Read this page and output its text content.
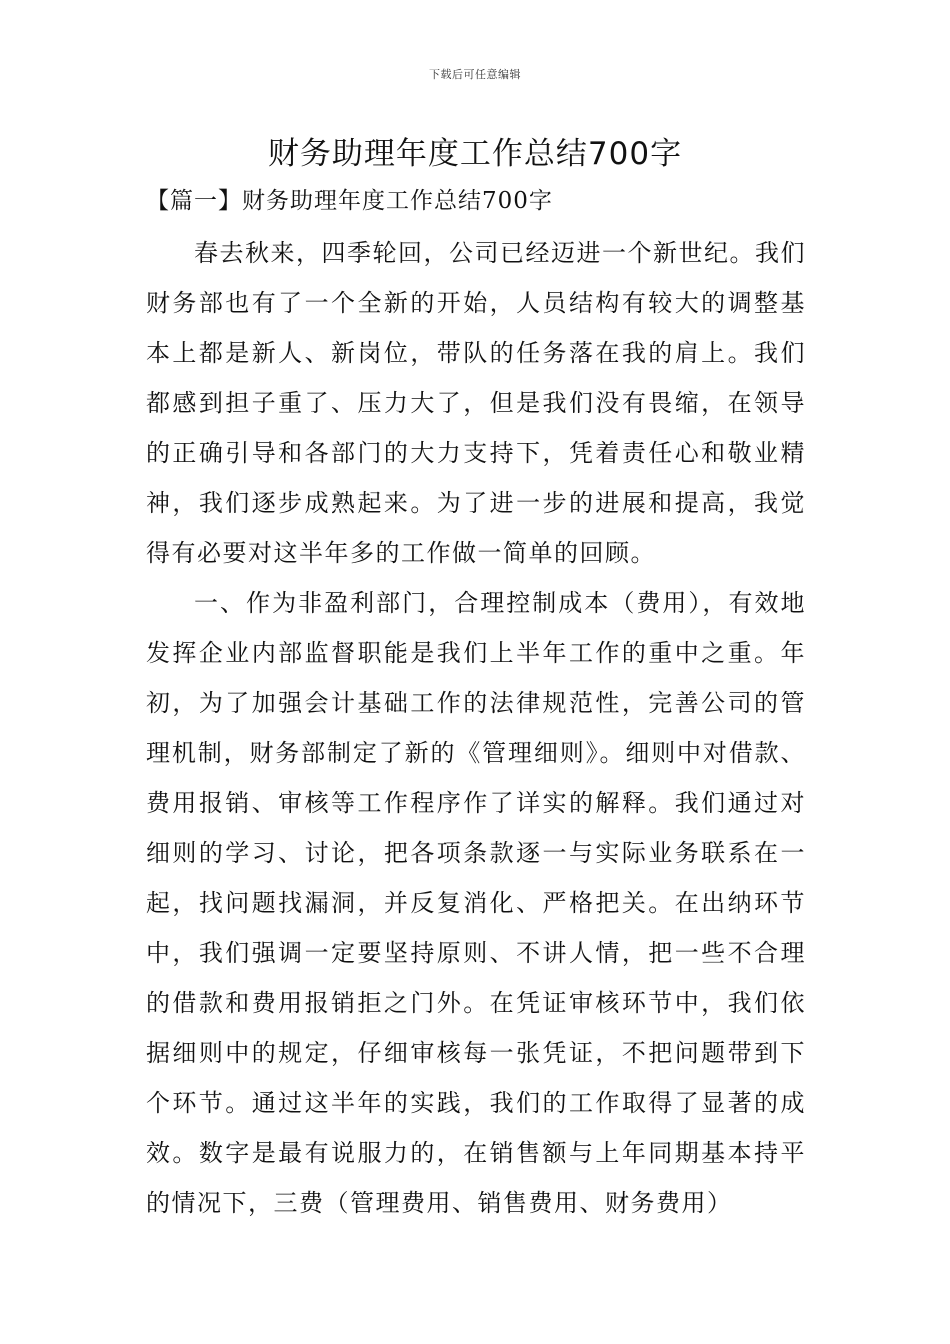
下载后可任意编辑
财务助理年度工作总结700字
【篇一】财务助理年度工作总结700字

春去秋来，四季轮回，公司已经迈进一个新世纪。我们财务部也有了一个全新的开始，人员结构有较大的调整基本上都是新人、新岗位，带队的任务落在我的肩上。我们都感到担子重了、压力大了，但是我们没有畏缩，在领导的正确引导和各部门的大力支持下，凭着责任心和敬业精神，我们逐步成熟起来。为了进一步的进展和提高，我觉得有必要对这半年多的工作做一简单的回顾。

一、作为非盈利部门，合理控制成本（费用），有效地发挥企业内部监督职能是我们上半年工作的重中之重。年初，为了加强会计基础工作的法律规范性，完善公司的管理机制，财务部制定了新的《管理细则》。细则中对借款、费用报销、审核等工作程序作了详实的解释。我们通过对细则的学习、讨论，把各项条款逐一与实际业务联系在一起，找问题找漏洞，并反复消化、严格把关。在出纳环节中，我们强调一定要坚持原则、不讲人情，把一些不合理的借款和费用报销拒之门外。在凭证审核环节中，我们依据细则中的规定，仔细审核每一张凭证，不把问题带到下个环节。通过这半年的实践，我们的工作取得了显著的成效。数字是最有说服力的，在销售额与上年同期基本持平的情况下，三费（管理费用、销售费用、财务费用）
